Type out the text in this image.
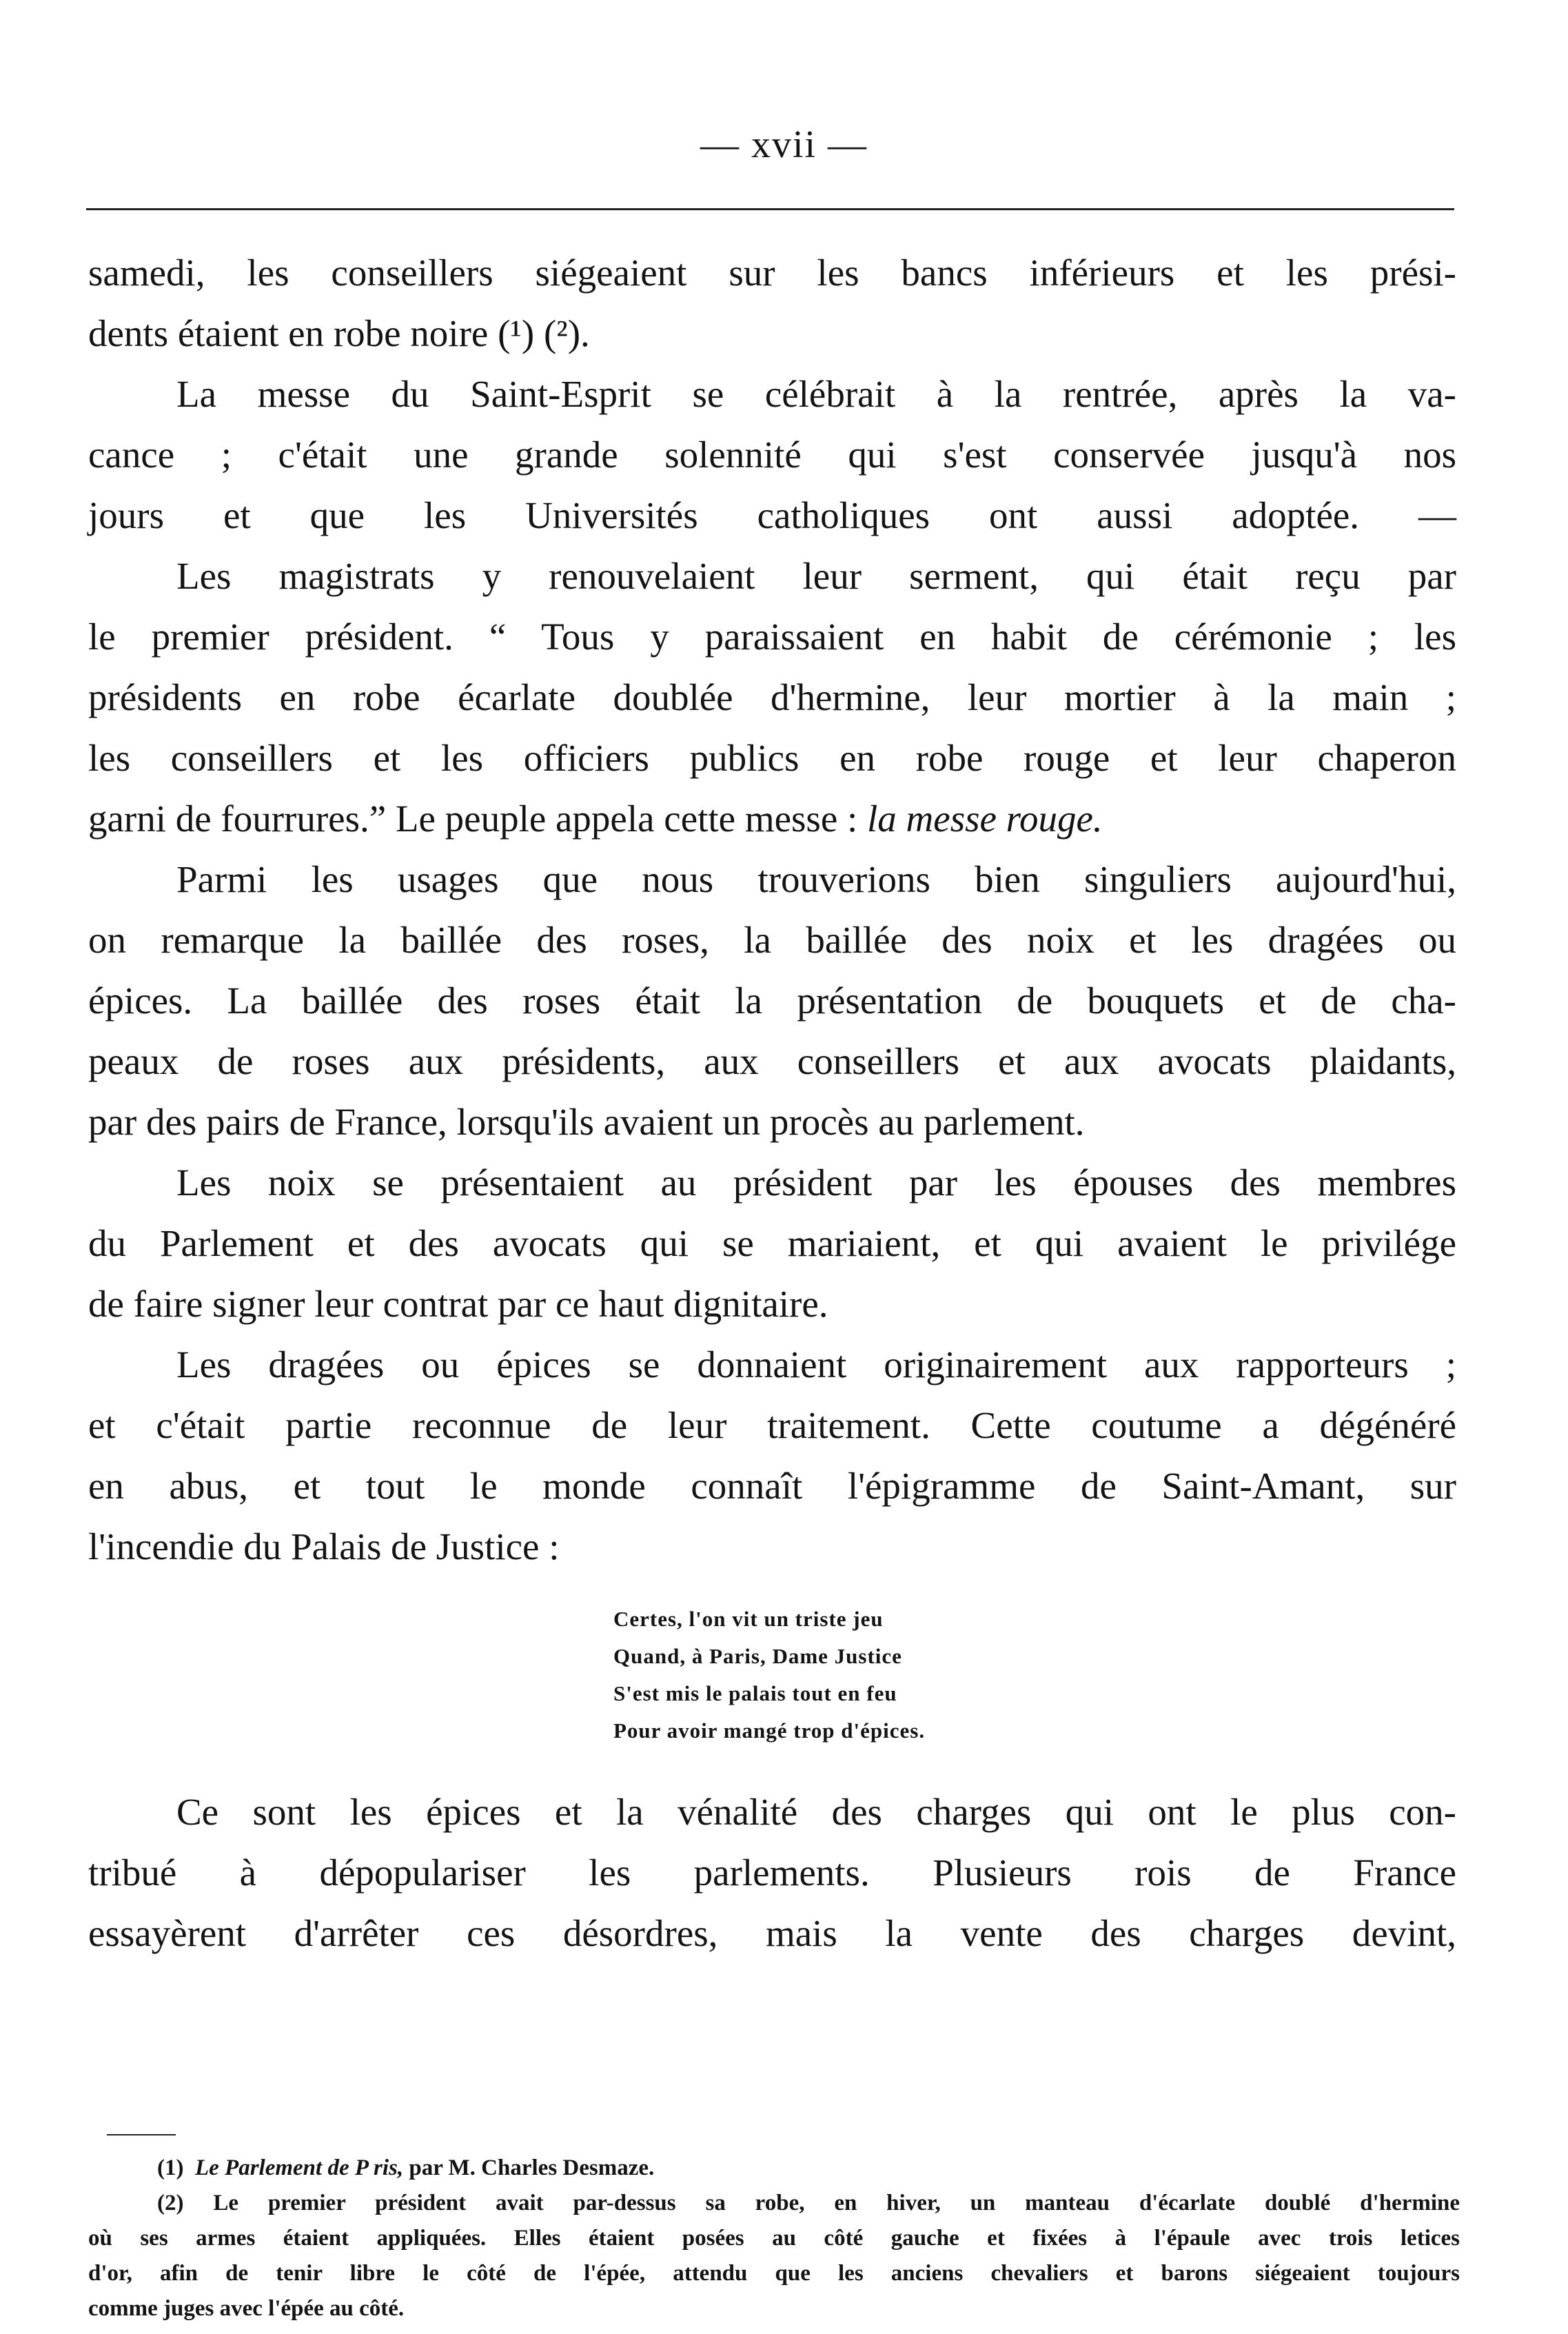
— xvii —

samedi, les conseillers siégeaient sur les bancs inférieurs et les prési-
dents étaient en robe noire (¹) (²).

La messe du Saint-Esprit se célébrait à la rentrée, après la va-
cance ; c'était une grande solennité qui s'est conservée jusqu'à nos
jours et que les Universités catholiques ont aussi adoptée. —

Les magistrats y renouvelaient leur serment, qui était reçu par
le premier président. “ Tous y paraissaient en habit de cérémonie ; les
présidents en robe écarlate doublée d'hermine, leur mortier à la main ;
les conseillers et les officiers publics en robe rouge et leur chaperon
garni de fourrures.” Le peuple appela cette messe : la messe rouge.

Parmi les usages que nous trouverions bien singuliers aujourd'hui,
on remarque la baillée des roses, la baillée des noix et les dragées ou
épices. La baillée des roses était la présentation de bouquets et de cha-
peaux de roses aux présidents, aux conseillers et aux avocats plaidants,
par des pairs de France, lorsqu'ils avaient un procès au parlement.

Les noix se présentaient au président par les épouses des membres
du Parlement et des avocats qui se mariaient, et qui avaient le privilége
de faire signer leur contrat par ce haut dignitaire.

Les dragées ou épices se donnaient originairement aux rapporteurs ;
et c'était partie reconnue de leur traitement. Cette coutume a dégénéré
en abus, et tout le monde connaît l'épigramme de Saint-Amant, sur
l'incendie du Palais de Justice :

Certes, l'on vit un triste jeu
Quand, à Paris, Dame Justice
S'est mis le palais tout en feu
Pour avoir mangé trop d'épices.

Ce sont les épices et la vénalité des charges qui ont le plus con-
tribué à dépopulariser les parlements. Plusieurs rois de France
essayèrent d'arrêter ces désordres, mais la vente des charges devint,

(1) Le Parlement de P ris, par M. Charles Desmaze.
(2) Le premier président avait par-dessus sa robe, en hiver, un manteau d'écarlate doublé d'hermine
où ses armes étaient appliquées. Elles étaient posées au côté gauche et fixées à l'épaule avec trois letices
d'or, afin de tenir libre le côté de l'épée, attendu que les anciens chevaliers et barons siégeaient toujours
comme juges avec l'épée au côté.
